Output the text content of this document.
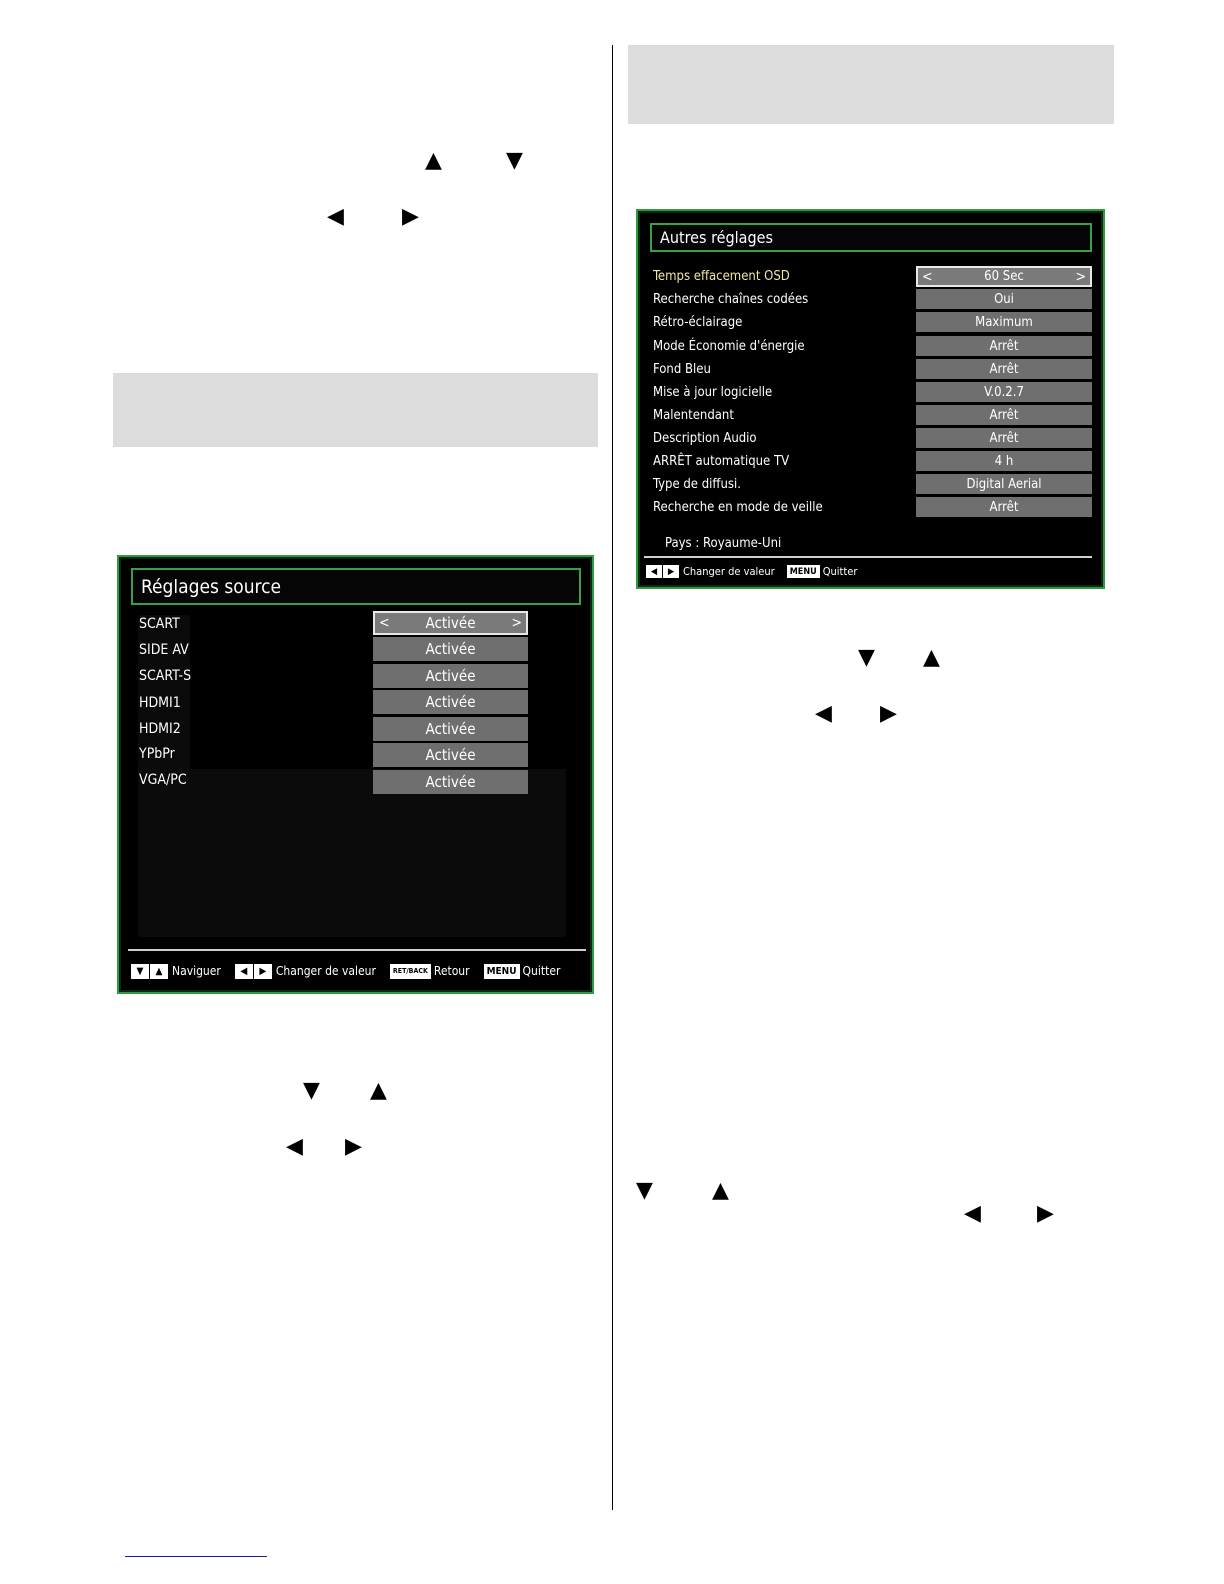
▲	▼
◀	▶
Réglages source
SCART	< Activée	>
SIDE AV	Activée
SCART-S	Activée
HDMI1	Activée
HDMI2	Activée
YPbPr	Activée
VGA/PC	Activée
▼	▲ Naviguer	◀	▶ Changer de valeur	RET/BACK Retour	MENU Quitter
▼ ▲
◀ ▶
Autres réglages
Temps effacement OSD	<	60 Sec	>
Recherche chaînes codées	Oui
Rétro-éclairage	Maximum
Mode Économie d'énergie	Arrêt
Fond Bleu	Arrêt
Mise à jour logicielle	V.0.2.7
Malentendant	Arrêt
Description Audio	Arrêt
ARRÊT automatique TV	4 h
Type de diffusi.	Digital Aerial
Recherche en mode de veille	Arrêt
Pays : Royaume-Uni
◀	▶ Changer de valeur	MENU Quitter
▼ ▲
◀ ▶
▼	▲
◀	▶
